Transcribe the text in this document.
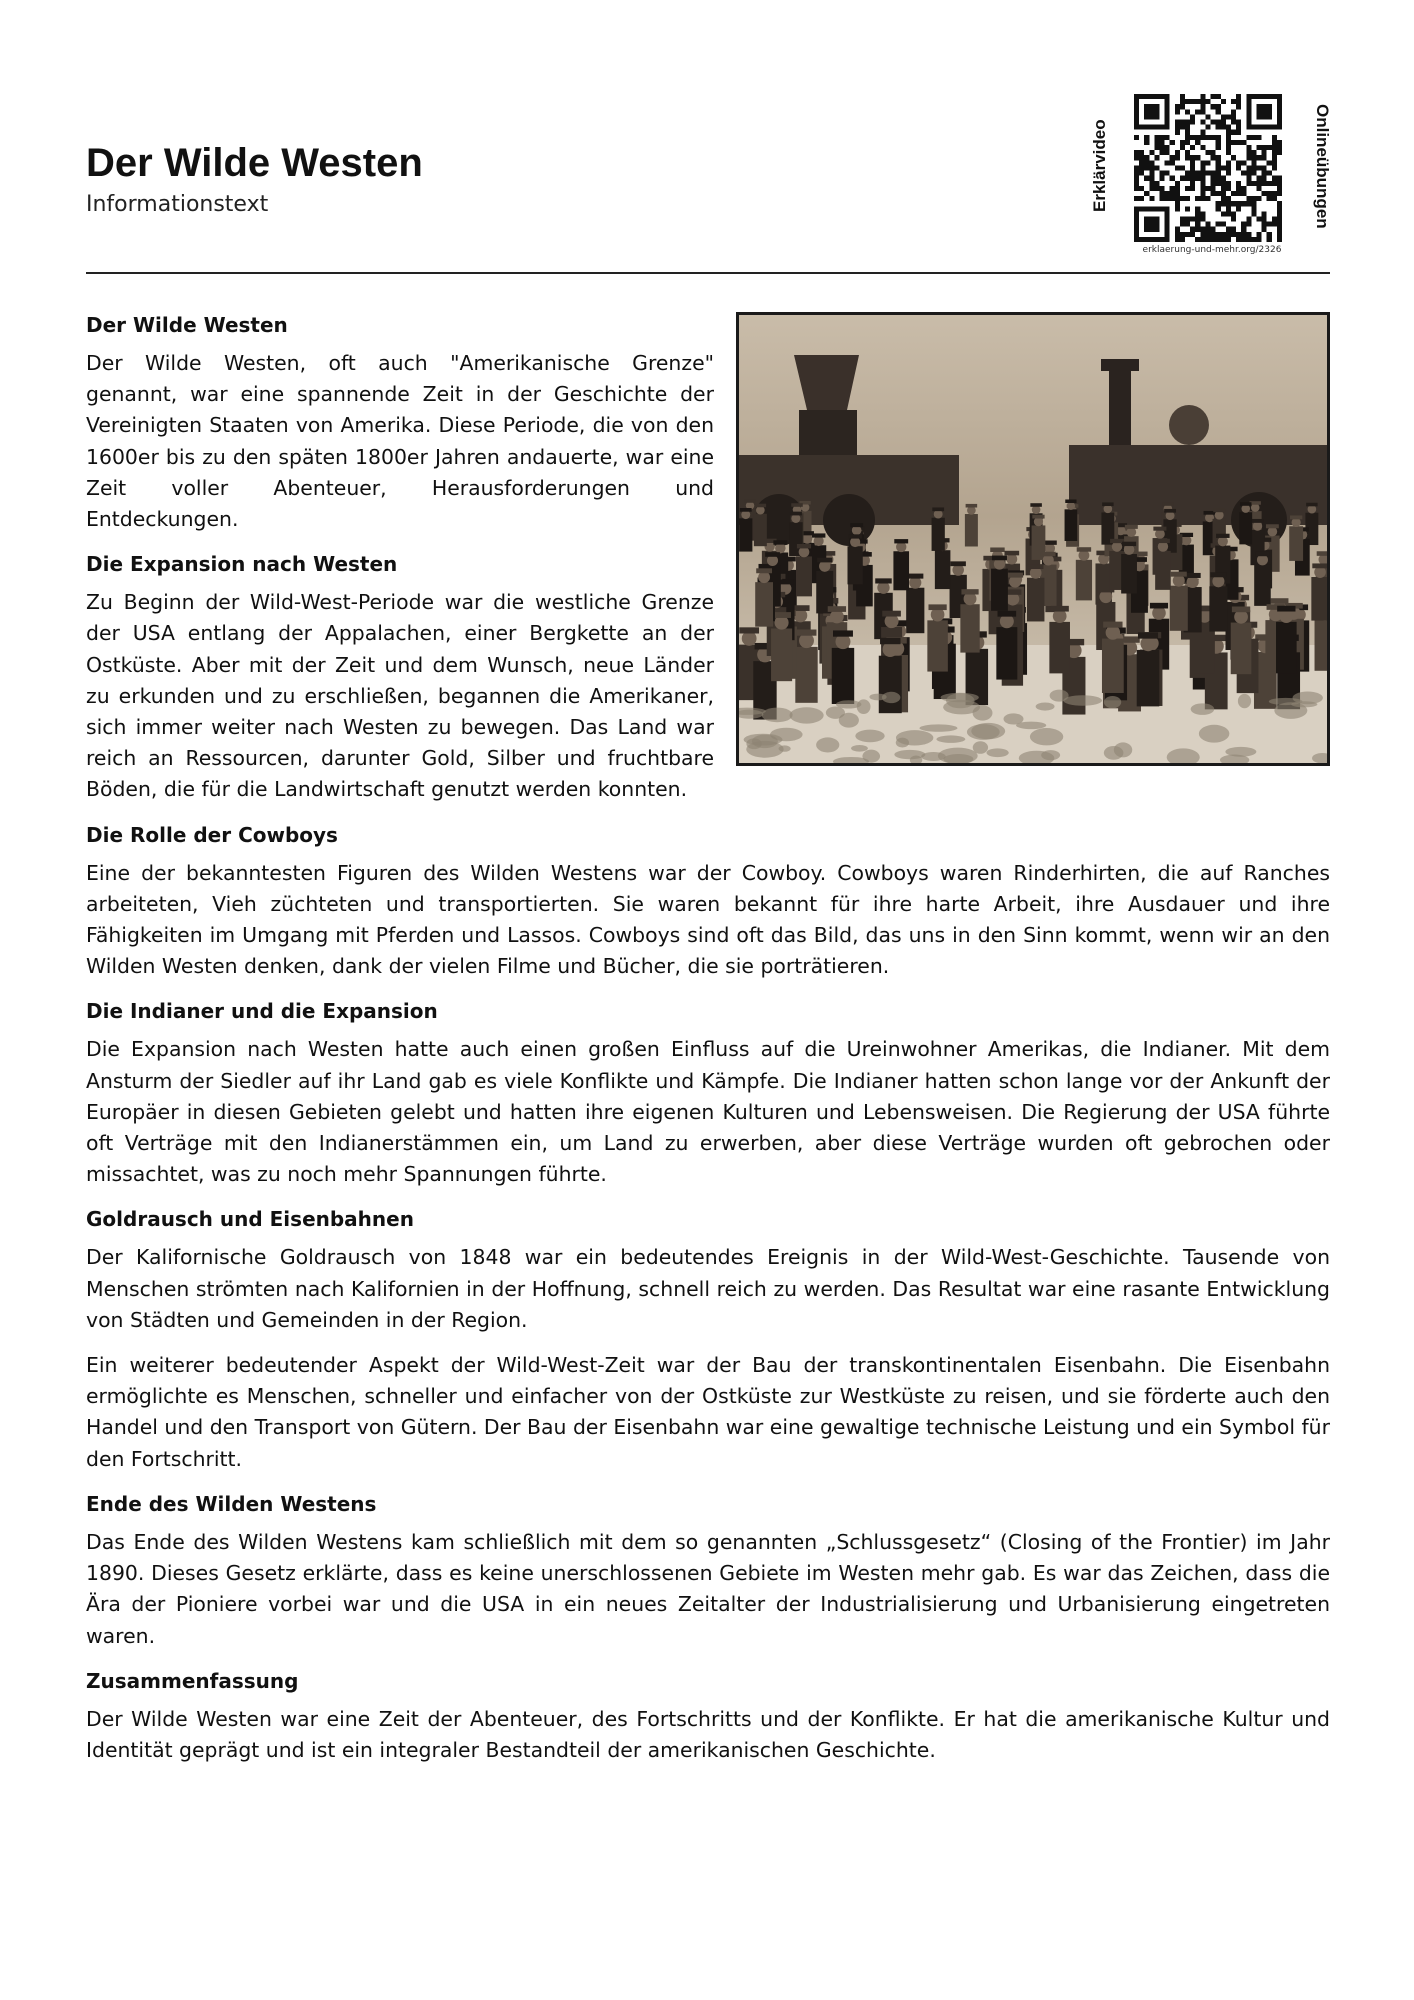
Der Wilde Westen
Informationstext	Erklärvideo	Onlineübungen
erklaerung-und-mehr.org/2326
Der Wilde Westen

Der Wilde Westen, oft auch "Amerikanische Grenze" genannt, war eine spannende Zeit in der Geschichte der Vereinigten Staaten von Amerika. Diese Periode, die von den 1600er bis zu den späten 1800er Jahren andauerte, war eine Zeit voller Abenteuer, Herausforderungen und Entdeckungen.

Die Expansion nach Westen

Zu Beginn der Wild-West-Periode war die westliche Grenze der USA entlang der Appalachen, einer Bergkette an der Ostküste. Aber mit der Zeit und dem Wunsch, neue Länder zu erkunden und zu erschließen, begannen die Amerikaner, sich immer weiter nach Westen zu bewegen. Das Land war reich an Ressourcen, darunter Gold, Silber und fruchtbare Böden, die für die Landwirtschaft genutzt werden konnten.

Die Rolle der Cowboys

Eine der bekanntesten Figuren des Wilden Westens war der Cowboy. Cowboys waren Rinderhirten, die auf Ranches arbeiteten, Vieh züchteten und transportierten. Sie waren bekannt für ihre harte Arbeit, ihre Ausdauer und ihre Fähigkeiten im Umgang mit Pferden und Lassos. Cowboys sind oft das Bild, das uns in den Sinn kommt, wenn wir an den Wilden Westen denken, dank der vielen Filme und Bücher, die sie porträtieren.

Die Indianer und die Expansion

Die Expansion nach Westen hatte auch einen großen Einfluss auf die Ureinwohner Amerikas, die Indianer. Mit dem Ansturm der Siedler auf ihr Land gab es viele Konflikte und Kämpfe. Die Indianer hatten schon lange vor der Ankunft der Europäer in diesen Gebieten gelebt und hatten ihre eigenen Kulturen und Lebensweisen. Die Regierung der USA führte oft Verträge mit den Indianerstämmen ein, um Land zu erwerben, aber diese Verträge wurden oft gebrochen oder missachtet, was zu noch mehr Spannungen führte.

Goldrausch und Eisenbahnen

Der Kalifornische Goldrausch von 1848 war ein bedeutendes Ereignis in der Wild-West-Geschichte. Tausende von Menschen strömten nach Kalifornien in der Hoffnung, schnell reich zu werden. Das Resultat war eine rasante Entwicklung von Städten und Gemeinden in der Region.

Ein weiterer bedeutender Aspekt der Wild-West-Zeit war der Bau der transkontinentalen Eisenbahn. Die Eisenbahn ermöglichte es Menschen, schneller und einfacher von der Ostküste zur Westküste zu reisen, und sie förderte auch den Handel und den Transport von Gütern. Der Bau der Eisenbahn war eine gewaltige technische Leistung und ein Symbol für den Fortschritt.

Ende des Wilden Westens

Das Ende des Wilden Westens kam schließlich mit dem so genannten „Schlussgesetz“ (Closing of the Frontier) im Jahr 1890. Dieses Gesetz erklärte, dass es keine unerschlossenen Gebiete im Westen mehr gab. Es war das Zeichen, dass die Ära der Pioniere vorbei war und die USA in ein neues Zeitalter der Industrialisierung und Urbanisierung eingetreten waren.

Zusammenfassung

Der Wilde Westen war eine Zeit der Abenteuer, des Fortschritts und der Konflikte. Er hat die amerikanische Kultur und Identität geprägt und ist ein integraler Bestandteil der amerikanischen Geschichte.
